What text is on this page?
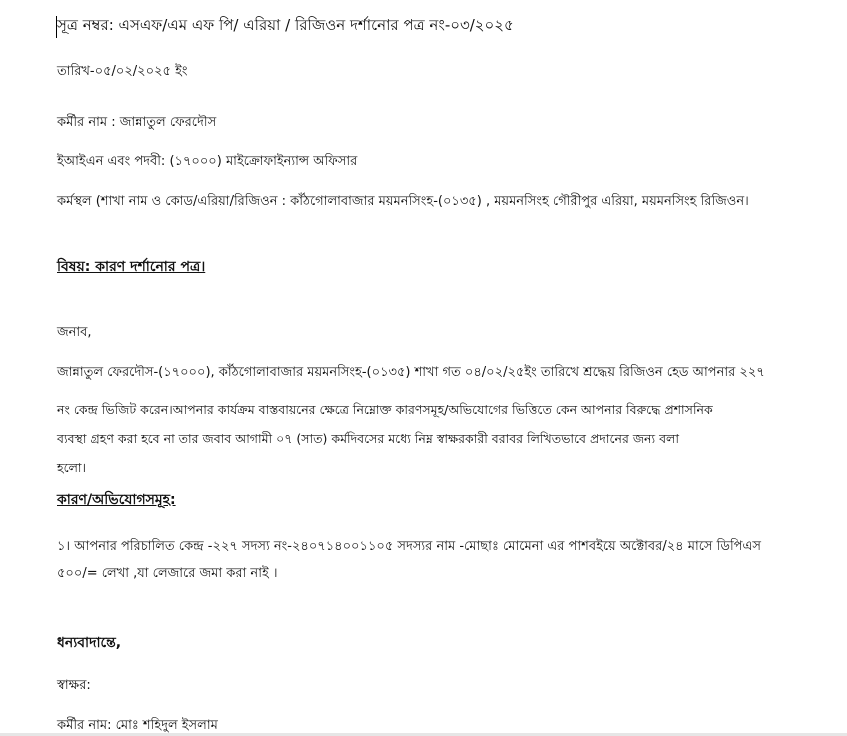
সূত্র নম্বর: এসএফ/এম এফ পি/ এরিয়া / রিজিওন দর্শানোর পত্র নং-০৩/২০২৫
তারিখ-০৫/০২/২০২৫ ইং
কর্মীর নাম : জান্নাতুল ফেরদৌস
ইআইএন এবং পদবী: (১৭০০০) মাইক্রোফাইন্যান্স অফিসার
কর্মস্থল (শাখা নাম ও কোড/এরিয়া/রিজিওন : কাঁঠগোলাবাজার ময়মনসিংহ-(০১৩৫) , ময়মনসিংহ গৌরীপুর এরিয়া, ময়মনসিংহ রিজিওন।
বিষয়: কারণ দর্শানোর পত্র।
জনাব,
জান্নাতুল ফেরদৌস-(১৭০০০), কাঁঠগোলাবাজার ময়মনসিংহ-(০১৩৫) শাখা গত ০৪/০২/২৫ইং তারিখে শ্রদ্ধেয় রিজিওন হেড আপনার ২২৭
নং কেন্দ্র ভিজিট করেন।আপনার কার্যক্রম বাস্তবায়নের ক্ষেত্রে নিম্নোক্ত কারণসমূহ/অভিযোগের ভিত্তিতে কেন আপনার বিরুদ্ধে প্রশাসনিক
ব্যবস্থা গ্রহণ করা হবে না তার জবাব আগামী ০৭ (সাত) কর্মদিবসের মধ্যে নিম্ন স্বাক্ষরকারী বরাবর লিখিতভাবে প্রদানের জন্য বলা
হলো।
কারণ/অভিযোগসমূহ:
১। আপনার পরিচালিত কেন্দ্র -২২৭ সদস্য নং-২৪০৭১৪০০১১০৫ সদস্যর নাম -মোছাঃ মোমেনা এর পাশবইয়ে অক্টোবর/২৪ মাসে ডিপিএস
৫০০/= লেখা ,যা লেজারে জমা করা নাই ।
ধন্যবাদান্তে,
স্বাক্ষর:
কর্মীর নাম: মোঃ শহিদুল ইসলাম
